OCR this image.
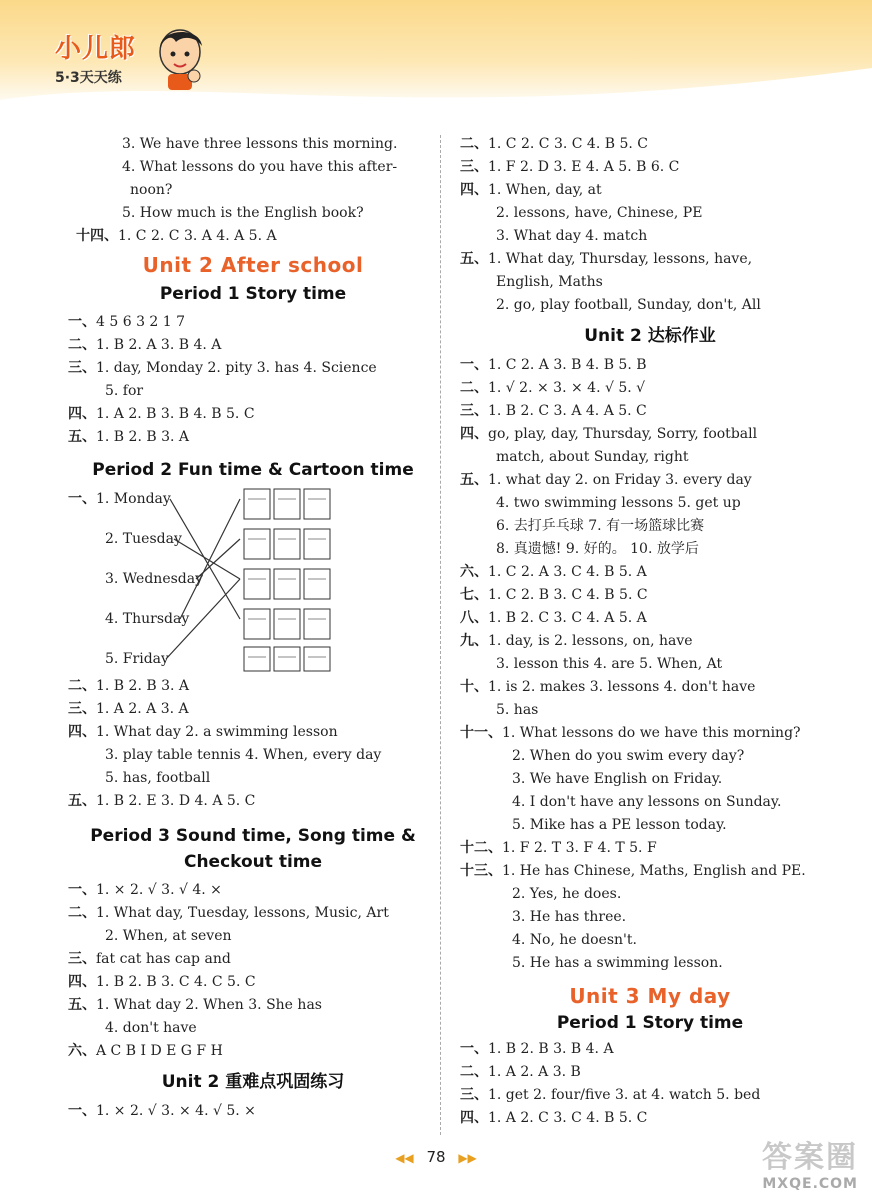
小儿郎
5·3天天练
3. We have three lessons this morning.
4. What lessons do you have this after-
noon?
5. How much is the English book?
十四、1. C 2. C 3. A 4. A 5. A
Unit 2 After school
Period 1 Story time
一、4 5 6 3 2 1 7
二、1. B 2. A 3. B 4. A
三、1. day, Monday 2. pity 3. has 4. Science
5. for
四、1. A 2. B 3. B 4. B 5. C
五、1. B 2. B 3. A
Period 2 Fun time & Cartoon time
一、1. Monday
2. Tuesday
3. Wednesday
4. Thursday
5. Friday
二、1. B 2. B 3. A
三、1. A 2. A 3. A
四、1. What day 2. a swimming lesson
3. play table tennis 4. When, every day
5. has, football
五、1. B 2. E 3. D 4. A 5. C
Period 3 Sound time, Song time &
Checkout time
一、1. × 2. √ 3. √ 4. ×
二、1. What day, Tuesday, lessons, Music, Art
2. When, at seven
三、fat cat has cap and
四、1. B 2. B 3. C 4. C 5. C
五、1. What day 2. When 3. She has
4. don't have
六、A C B I D E G F H
Unit 2 重难点巩固练习
一、1. × 2. √ 3. × 4. √ 5. ×
二、1. C 2. C 3. C 4. B 5. C
三、1. F 2. D 3. E 4. A 5. B 6. C
四、1. When, day, at
2. lessons, have, Chinese, PE
3. What day 4. match
五、1. What day, Thursday, lessons, have,
English, Maths
2. go, play football, Sunday, don't, All
Unit 2 达标作业
一、1. C 2. A 3. B 4. B 5. B
二、1. √ 2. × 3. × 4. √ 5. √
三、1. B 2. C 3. A 4. A 5. C
四、go, play, day, Thursday, Sorry, football
match, about Sunday, right
五、1. what day 2. on Friday 3. every day
4. two swimming lessons 5. get up
6. 去打乒乓球 7. 有一场篮球比赛
8. 真遗憾! 9. 好的。 10. 放学后
六、1. C 2. A 3. C 4. B 5. A
七、1. C 2. B 3. C 4. B 5. C
八、1. B 2. C 3. C 4. A 5. A
九、1. day, is 2. lessons, on, have
3. lesson this 4. are 5. When, At
十、1. is 2. makes 3. lessons 4. don't have
5. has
十一、1. What lessons do we have this morning?
2. When do you swim every day?
3. We have English on Friday.
4. I don't have any lessons on Sunday.
5. Mike has a PE lesson today.
十二、1. F 2. T 3. F 4. T 5. F
十三、1. He has Chinese, Maths, English and PE.
2. Yes, he does.
3. He has three.
4. No, he doesn't.
5. He has a swimming lesson.
Unit 3 My day
Period 1 Story time
一、1. B 2. B 3. B 4. A
二、1. A 2. A 3. B
三、1. get 2. four/five 3. at 4. watch 5. bed
四、1. A 2. C 3. C 4. B 5. C
◀◀ 78 ▶▶	答案圈
MXQE.COM
